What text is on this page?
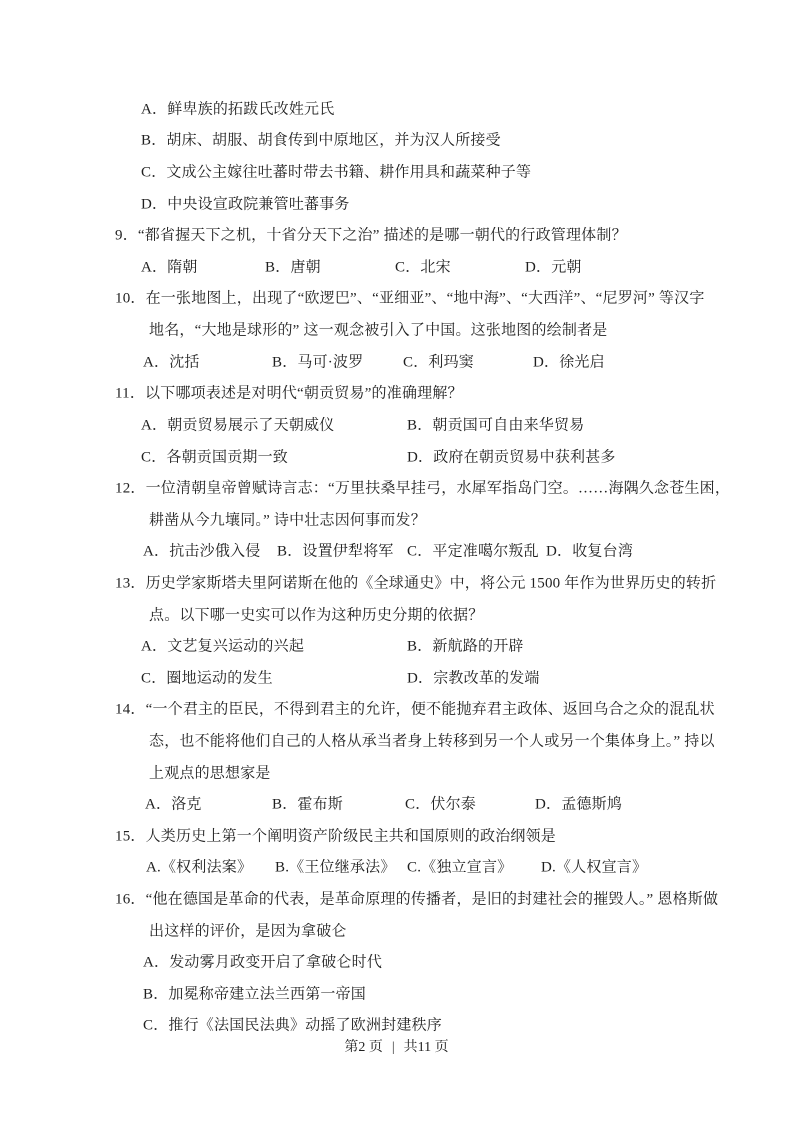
A．鲜卑族的拓跋氏改姓元氏
B．胡床、胡服、胡食传到中原地区，并为汉人所接受
C．文成公主嫁往吐蕃时带去书籍、耕作用具和蔬菜种子等
D．中央设宣政院兼管吐蕃事务
9．“都省握天下之机，十省分天下之治” 描述的是哪一朝代的行政管理体制？
A．隋朝	B．唐朝	C．北宋	D．元朝
10．在一张地图上，出现了“欧逻巴”、“亚细亚”、“地中海”、“大西洋”、“尼罗河” 等汉字
地名，“大地是球形的” 这一观念被引入了中国。这张地图的绘制者是
A．沈括	B．马可·波罗	C．利玛窦	D．徐光启
11．以下哪项表述是对明代“朝贡贸易”的准确理解？
A．朝贡贸易展示了天朝威仪	B．朝贡国可自由来华贸易
C．各朝贡国贡期一致	D．政府在朝贡贸易中获利甚多
12．一位清朝皇帝曾赋诗言志：“万里扶桑早挂弓，水犀军指岛门空。……海隅久念苍生困，
耕凿从今九壤同。” 诗中壮志因何事而发？
A．抗击沙俄入侵 B．设置伊犁将军 C．平定准噶尔叛乱 D．收复台湾
13．历史学家斯塔夫里阿诺斯在他的《全球通史》中，将公元 1500 年作为世界历史的转折
点。以下哪一史实可以作为这种历史分期的依据？
A．文艺复兴运动的兴起	B．新航路的开辟
C．圈地运动的发生	D．宗教改革的发端
14．“一个君主的臣民，不得到君主的允许，便不能抛弃君主政体、返回乌合之众的混乱状
态，也不能将他们自己的人格从承当者身上转移到另一个人或另一个集体身上。” 持以
上观点的思想家是
A．洛克	B．霍布斯	C．伏尔泰	D．孟德斯鸠
15．人类历史上第一个阐明资产阶级民主共和国原则的政治纲领是
A.《权利法案》 B.《王位继承法》 C.《独立宣言》 D.《人权宣言》
16．“他在德国是革命的代表，是革命原理的传播者，是旧的封建社会的摧毁人。” 恩格斯做
出这样的评价，是因为拿破仑
A．发动雾月政变开启了拿破仑时代
B．加冕称帝建立法兰西第一帝国
C．推行《法国民法典》动摇了欧洲封建秩序
第2 页 | 共11 页
